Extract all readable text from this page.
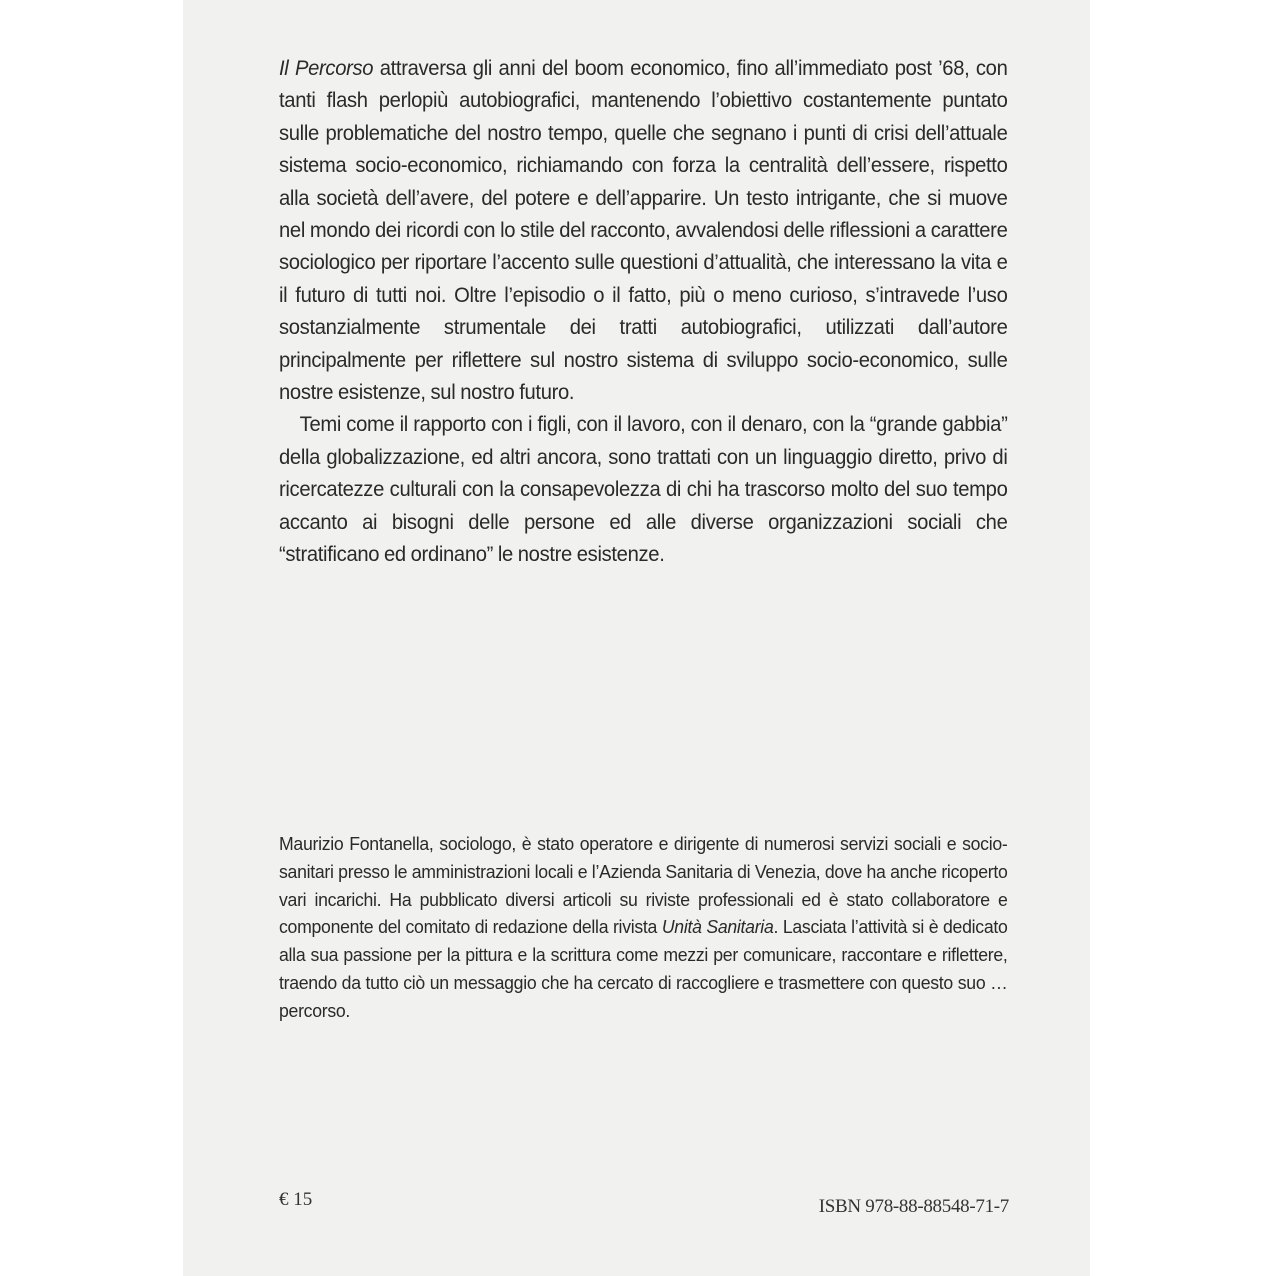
Il Percorso attraversa gli anni del boom economico, fino all’immediato post ’68, con tanti flash perlopiù autobiografici, mantenendo l’obiettivo costantemente puntato sulle problematiche del nostro tempo, quelle che segnano i punti di crisi dell’attuale sistema socio-economico, richiamando con forza la centralità dell’essere, rispetto alla società dell’avere, del potere e dell’apparire. Un testo intrigante, che si muove nel mondo dei ricordi con lo stile del racconto, avvalendosi delle riflessioni a carattere sociologico per riportare l’accento sulle questioni d’attualità, che interessano la vita e il futuro di tutti noi. Oltre l’episodio o il fatto, più o meno curioso, s’intravede l’uso sostanzialmente strumentale dei tratti autobiografici, utilizzati dall’autore principalmente per riflettere sul nostro sistema di sviluppo socio-economico, sulle nostre esistenze, sul nostro futuro.

Temi come il rapporto con i figli, con il lavoro, con il denaro, con la “grande gabbia” della globalizzazione, ed altri ancora, sono trattati con un linguaggio diretto, privo di ricercatezze culturali con la consapevolezza di chi ha trascorso molto del suo tempo accanto ai bisogni delle persone ed alle diverse organizzazioni sociali che “stratificano ed ordinano” le nostre esistenze.

Maurizio Fontanella, sociologo, è stato operatore e dirigente di numerosi servizi sociali e socio-sanitari presso le amministrazioni locali e l’Azienda Sanitaria di Venezia, dove ha anche ricoperto vari incarichi. Ha pubblicato diversi articoli su riviste professionali ed è stato collaboratore e componente del comitato di redazione della rivista Unità Sanitaria. Lasciata l’attività si è dedicato alla sua passione per la pittura e la scrittura come mezzi per comunicare, raccontare e riflettere, traendo da tutto ciò un messaggio che ha cercato di raccogliere e trasmettere con questo suo … percorso.

€ 15	ISBN 978-88-88548-71-7
